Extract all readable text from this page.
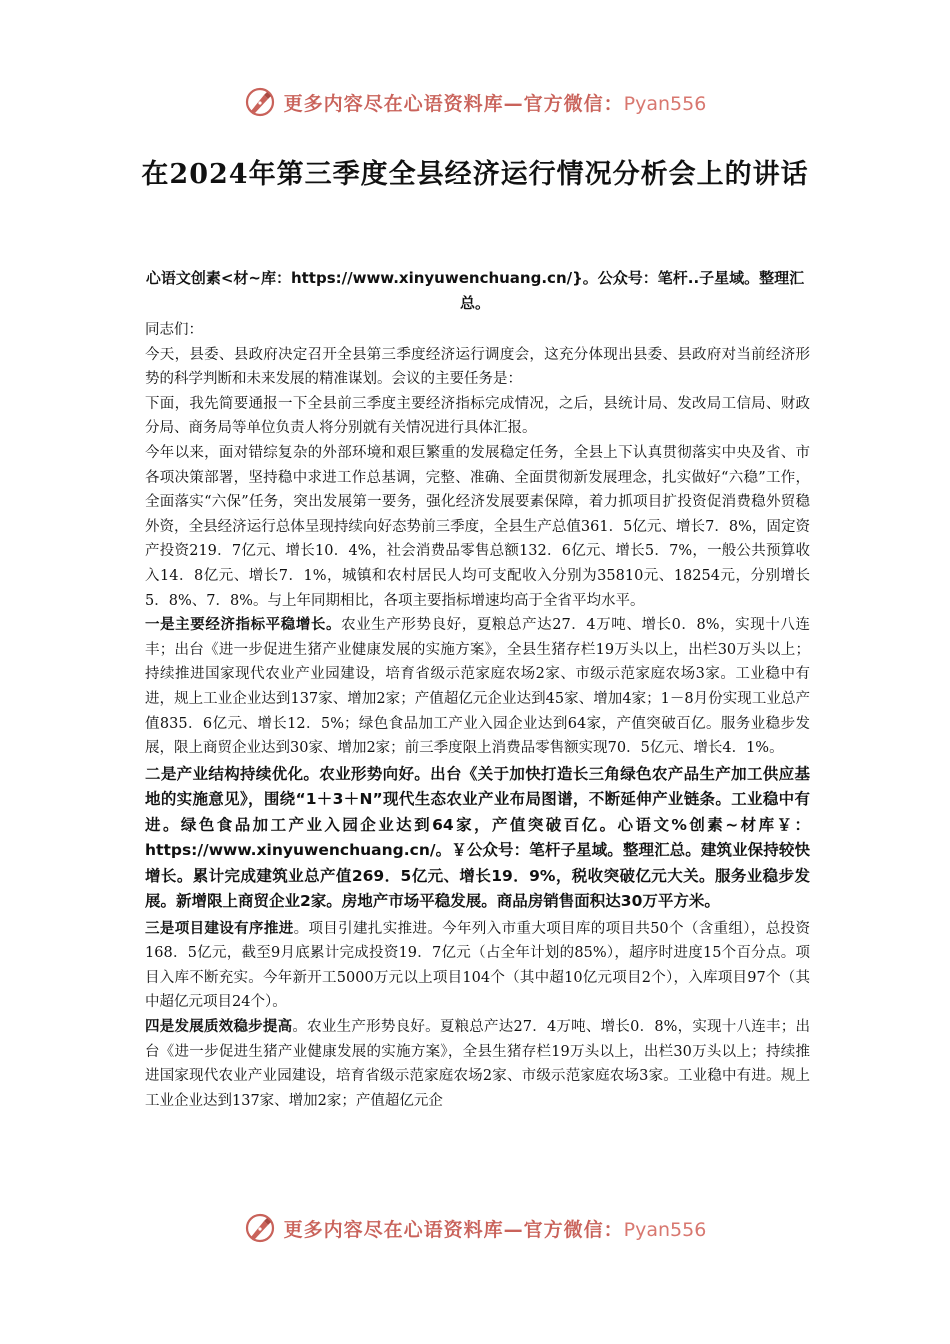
更多内容尽在心语资料库—官方微信：Pyan556
在2024年第三季度全县经济运行情况分析会上的讲话
心语文创素<材~库：https://www.xinyuwenchuang.cn/}。公众号：笔杆..子星域。整理汇总。

同志们：

今天，县委、县政府决定召开全县第三季度经济运行调度会，这充分体现出县委、县政府对当前经济形势的科学判断和未来发展的精准谋划。会议的主要任务是：

下面，我先简要通报一下全县前三季度主要经济指标完成情况，之后，县统计局、发改局工信局、财政分局、商务局等单位负责人将分别就有关情况进行具体汇报。

今年以来，面对错综复杂的外部环境和艰巨繁重的发展稳定任务，全县上下认真贯彻落实中央及省、市各项决策部署，坚持稳中求进工作总基调，完整、准确、全面贯彻新发展理念，扎实做好“六稳”工作，全面落实“六保”任务，突出发展第一要务，强化经济发展要素保障，着力抓项目扩投资促消费稳外贸稳外资，全县经济运行总体呈现持续向好态势前三季度，全县生产总值361．5亿元、增长7．8%，固定资产投资219．7亿元、增长10．4%，社会消费品零售总额132．6亿元、增长5．7%，一般公共预算收入14．8亿元、增长7．1%，城镇和农村居民人均可支配收入分别为35810元、18254元，分别增长5．8%、7．8%。与上年同期相比，各项主要指标增速均高于全省平均水平。

一是主要经济指标平稳增长。农业生产形势良好，夏粮总产达27．4万吨、增长0．8%，实现十八连丰；出台《进一步促进生猪产业健康发展的实施方案》，全县生猪存栏19万头以上，出栏30万头以上；持续推进国家现代农业产业园建设，培育省级示范家庭农场2家、市级示范家庭农场3家。工业稳中有进，规上工业企业达到137家、增加2家；产值超亿元企业达到45家、增加4家；1－8月份实现工业总产值835．6亿元、增长12．5%；绿色食品加工产业入园企业达到64家，产值突破百亿。服务业稳步发展，限上商贸企业达到30家、增加2家；前三季度限上消费品零售额实现70．5亿元、增长4．1%。

二是产业结构持续优化。农业形势向好。出台《关于加快打造长三角绿色农产品生产加工供应基地的实施意见》，围绕“1＋3＋N”现代生态农业产业布局图谱，不断延伸产业链条。工业稳中有进。绿色食品加工产业入园企业达到64家，产值突破百亿。心语文%创素~材库￥：https://www.xinyuwenchuang.cn/。￥公众号：笔杆子星域。整理汇总。建筑业保持较快增长。累计完成建筑业总产值269．5亿元、增长19．9%，税收突破亿元大关。服务业稳步发展。新增限上商贸企业2家。房地产市场平稳发展。商品房销售面积达30万平方米。

三是项目建设有序推进。项目引建扎实推进。今年列入市重大项目库的项目共50个（含重组），总投资168．5亿元，截至9月底累计完成投资19．7亿元（占全年计划的85%），超序时进度15个百分点。项目入库不断充实。今年新开工5000万元以上项目104个（其中超10亿元项目2个），入库项目97个（其中超亿元项目24个）。

四是发展质效稳步提高。农业生产形势良好。夏粮总产达27．4万吨、增长0．8%，实现十八连丰；出台《进一步促进生猪产业健康发展的实施方案》，全县生猪存栏19万头以上，出栏30万头以上；持续推进国家现代农业产业园建设，培育省级示范家庭农场2家、市级示范家庭农场3家。工业稳中有进。规上工业企业达到137家、增加2家；产值超亿元企

更多内容尽在心语资料库—官方微信：Pyan556
